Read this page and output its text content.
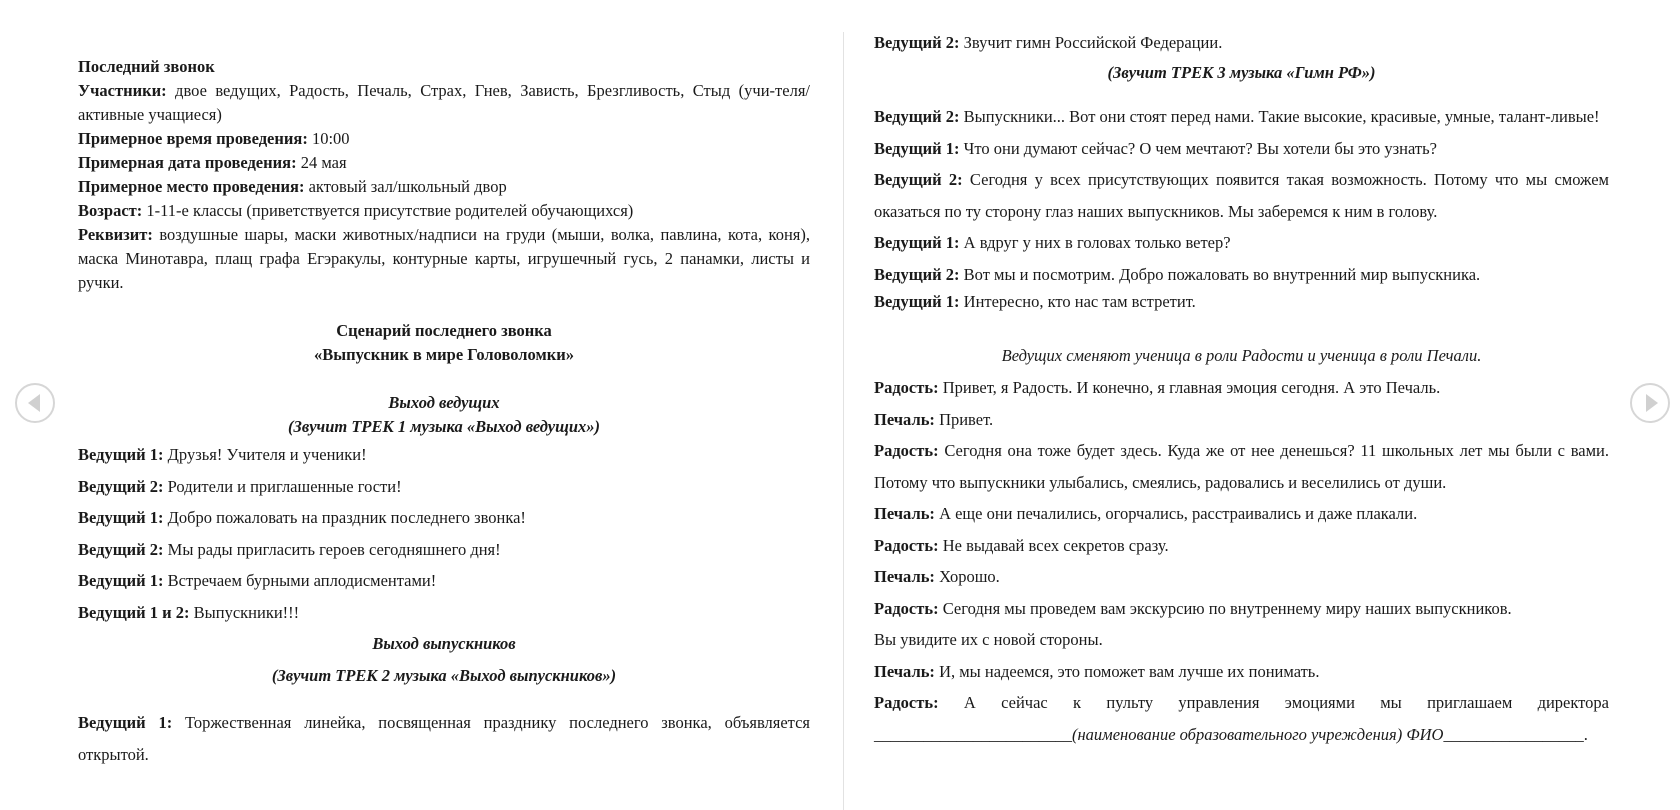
Последний звонок

Участники: двое ведущих, Радость, Печаль, Страх, Гнев, Зависть, Брезгливость, Стыд (учи-теля/активные учащиеся)

Примерное время проведения: 10:00

Примерная дата проведения: 24 мая

Примерное место проведения: актовый зал/школьный двор

Возраст: 1-11-е классы (приветствуется присутствие родителей обучающихся)

Реквизит: воздушные шары, маски животных/надписи на груди (мыши, волка, павлина, кота, коня), маска Минотавра, плащ графа Егэракулы, контурные карты, игрушечный гусь, 2 панамки, листы и ручки.

Сценарий последнего звонка

«Выпускник в мире Головоломки»

Выход ведущих

(Звучит ТРЕК 1 музыка «Выход ведущих»)

Ведущий 1: Друзья! Учителя и ученики!

Ведущий 2: Родители и приглашенные гости!

Ведущий 1: Добро пожаловать на праздник последнего звонка!

Ведущий 2: Мы рады пригласить героев сегодняшнего дня!

Ведущий 1: Встречаем бурными аплодисментами!

Ведущий 1 и 2: Выпускники!!!

Выход выпускников

(Звучит ТРЕК 2 музыка «Выход выпускников»)

Ведущий 1: Торжественная линейка, посвященная празднику последнего звонка, объявляется открытой.

Ведущий 2: Звучит гимн Российской Федерации.

(Звучит ТРЕК 3 музыка «Гимн РФ»)

Ведущий 2: Выпускники... Вот они стоят перед нами. Такие высокие, красивые, умные, талант-ливые!

Ведущий 1: Что они думают сейчас? О чем мечтают? Вы хотели бы это узнать?

Ведущий 2: Сегодня у всех присутствующих появится такая возможность. Потому что мы сможем оказаться по ту сторону глаз наших выпускников. Мы заберемся к ним в голову.

Ведущий 1: А вдруг у них в головах только ветер?

Ведущий 2: Вот мы и посмотрим. Добро пожаловать во внутренний мир выпускника.

Ведущий 1: Интересно, кто нас там встретит.

Ведущих сменяют ученица в роли Радости и ученица в роли Печали.

Радость: Привет, я Радость. И конечно, я главная эмоция сегодня. А это Печаль.

Печаль: Привет.

Радость: Сегодня она тоже будет здесь. Куда же от нее денешься? 11 школьных лет мы были с вами. Потому что выпускники улыбались, смеялись, радовались и веселились от души.

Печаль: А еще они печалились, огорчались, расстраивались и даже плакали.

Радость: Не выдавай всех секретов сразу.

Печаль: Хорошо.

Радость: Сегодня мы проведем вам экскурсию по внутреннему миру наших выпускников.

Вы увидите их с новой стороны.

Печаль: И, мы надеемся, это поможет вам лучше их понимать.

Радость: А сейчас к пульту управления эмоциями мы приглашаем директора

________________________(наименование образовательного учреждения) ФИО_________________.
